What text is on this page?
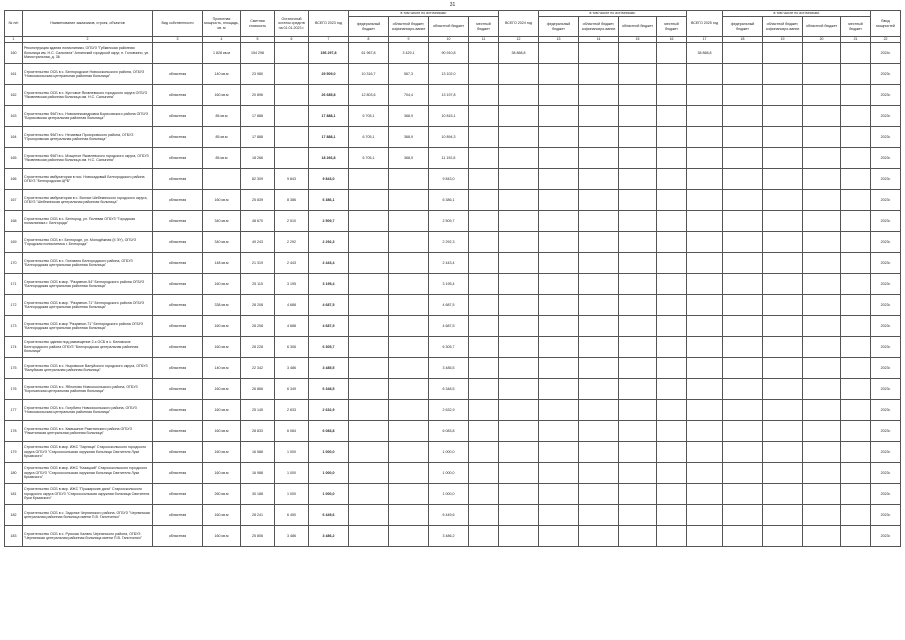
31
№ п/п	Наименование заказчиков, строек, объектов	Вид собственности	Проектная мощность, площадь, кв. м	Сметная стоимость	Остаточный остаток средств на 01.01.2023 г.	ВСЕГО 2023 год	в том числе по источникам:				ВСЕГО 2024 год	в том числе по источникам:				ВСЕГО 2025 год	в том числе по источникам:				Ввод мощностей
							федеральный бюджет	областной бюджет, софинансиро-вание	областной бюджет	местный бюджет		федеральный бюджет	областной бюджет, софинансиро-вание	областной бюджет	местный бюджет		федеральный бюджет	областной бюджет, софинансиро-вание	областной бюджет	местный бюджет	
1	2	3	4	5	6	7	8	9	10	11	12	13	14	15	16	17	18	19	20	21	22
160	Реконструкция здания поликлиники, ОГБУЗ "Губкинская районная больница им. Н.С. Салыгина" Аннинский городской округ, п. Головчино, ул. Магистральная, д. 36		1 828 кв.м	154 298		156 297,8	61 967,8	3 429,1	90 910,8		38 868,8					38 868,8					2024г.
161	Строительство ОСБ в с. Белгородское Новооскольского района, ОГБУЗ "Новооскольская центральная районная больница"	областная	140 кв.м	23 980		29 509,0	10 316,7	567,3	13 102,0												2023г.
162	Строительство ОСБ в с. Кустовое Яковлевского городского округа ОГБУЗ "Яковлевская районная больница им. Н.С. Салыгина"	областная	160 кв.м	20 896		26 685,8	12 803,6	704,4	13 197,8												2023г.
163	Строительство ФАП в с. Новоалександровка Борисовского района ОГБУЗ "Борисовская центральная районная больница"	областная	85 кв.м	17 888		17 888,1	6 705,1	368,9	10 815,1												2023г.
164	Строительство ФАП в с. Нечаевка Прохоровского района, ОГБУЗ "Прохоровская центральная районная больница"	областная	85 кв.м	17 888		17 888,1	6 705,1	368,9	10 894,3												2023г.
165	Строительство ФАП в с. Мощеное Яковлевского городского округа, ОГБУЗ "Яковлевская районная больница им. Н.С. Салыгина"	областная	85 кв.м	18 266		18 266,8	6 705,1	368,9	11 192,8												2023г.
166	Строительство амбулатории в пос. Новосадовый Белгородского района ОГБУЗ "Белгородская ЦРБ"	областная		82 309	9 843	9 843,0			9 843,0												2023г.
167	Строительство амбулатории в с. Волчье Шебекинского городского округа, ОГБУЗ "Шебекинская центральная районная больница"	областная	160 кв.м	25 839	8 386	6 386,1			6 386,1												2023г.
168	Строительство ОСБ в с. Белгород, ул. Полевая ОГБУЗ "Городская поликлиника г. Белгорода"	областная	340 кв.м	48 670	2 510	2 509,7			2 509,7												2023г.
169	Строительство ОСБ в г. Белгороде, ул. Молодёжная (II ЭУ), ОГБУЗ "Городская поликлиника г. Белгорода"	областная	340 кв.м	49 243	2 292	2 292,3			2 292,3												2023г.
170	Строительство ОСБ в с. Головино Белгородского района, ОГБУЗ "Белгородская центральная районная больница"	областная	148 кв.м	21 319	2 443	2 443,4			2 443,4												2023г.
171	Строительство ОСБ в мкр. "Разумное-54" Белгородского района ОГБУЗ "Белгородская центральная районная больница"	областная	160 кв.м	25 115	3 195	3 195,4			3 195,4												2023г.
172	Строительство ОСБ в мкр. "Разумное-71" Белгородского района ОГБУЗ "Белгородская центральная районная больница"	областная	338 кв.м	28 208	4 688	4 687,5			4 687,5												2023г.
173	Строительство ОСБ в мкр "Разумное-71" Белгородского района ОГБУЗ "Белгородская центральная районная больница"	областная	160 кв.м	28 208	4 688	4 687,5			4 687,5												2023г.
174	Строительство здания под размещение 2-х ОСБ в с. Беловское Белгородского района ОГБУЗ "Белгородская центральная районная больница"	областная	160 кв.м	28 228	6 306	6 305,7			6 305,7												2023г.
175	Строительство ОСБ в с. Ныровское Валуйского городского округа, ОГБУЗ "Валуйская центральная районная больница"	областная	140 кв.м	22 342	3 486	3 485,5			3 485,5												2023г.
176	Строительство ОСБ в с. Яблоново Новооскольского района, ОГБУЗ "Корочанская центральная районная больница"	областная	160 кв.м	26 866	6 349	6 348,5			6 348,5												2023г.
177	Строительство ОСБ в с. Голубино Новооскольского района, ОГБУЗ "Новооскольская центральная районная больница"	областная	160 кв.м	25 145	2 633	2 632,9			2 632,9												2023г.
178	Строительство ОСБ в с. Камышное Ракитянского района ОГБУЗ "Ракитянская центральная районная больница"	областная	160 кв.м	28 833	6 084	6 083,8			6 083,8												2023г.
179	Строительство ОСБ в мкр. ИЖС "Зарница" Старооскольского городского округа ОГБУЗ "Старооскольская окружная больница Святителя Луки Крымского"	областная	160 кв.м	16 588	1 000	1 000,0			1 000,0												2023г.
180	Строительство ОСБ в мкр. ИЖС "Казацкий" Старооскольского городского округа ОГБУЗ "Старооскольская окружная больница Святителя Луки Крымского"	областная	160 кв.м	16 988	1 000	1 000,0			1 000,0												2023г.
181	Строительство ОСБ в мкр. ИЖС "Пушкарские дачи" Старооскольского городского округа ОГБУЗ "Старооскольская окружная больница Святителя Луки Крымского"	областная	260 кв.м	30 188	1 000	1 000,0			1 000,0												2023г.
182	Строительство ОСБ в с. Задонье Чернянского района, ОГБУЗ "Чернянская центральная районная больница имени П.В. Гапотченко"	областная	160 кв.м	28 241	6 450	6 449,6			6 449,6												2023г.
183	Строительство ОСБ в с. Русская Халань Чернянского района, ОГБУЗ "Чернянская центральная районная больница имени П.В. Гапотченко"	областная	160 кв.м	25 806	3 486	3 486,2			3 486,2												2023г.
